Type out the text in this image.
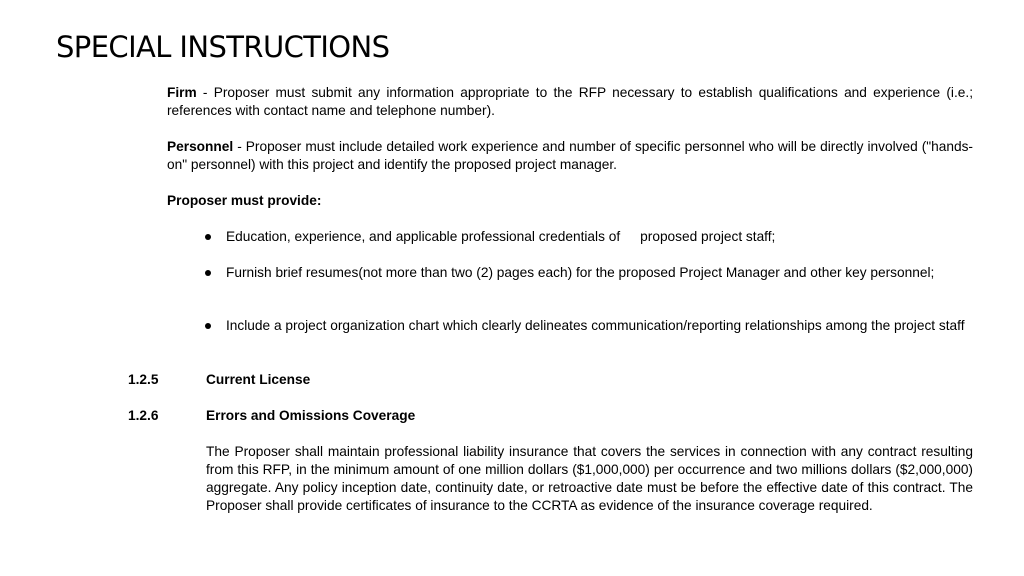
SPECIAL INSTRUCTIONS
Firm - Proposer must submit any information appropriate to the RFP necessary to establish qualifications and experience (i.e.; references with contact name and telephone number).
Personnel - Proposer must include detailed work experience and number of specific personnel who will be directly involved ("hands-on" personnel) with this project and identify the proposed project manager.
Proposer must provide:
Education, experience, and applicable professional credentials of proposed project staff;
Furnish brief resumes(not more than two (2) pages each) for the proposed Project Manager and other key personnel;
Include a project organization chart which clearly delineates communication/reporting relationships among the project staff
1.2.5	Current License
1.2.6	Errors and Omissions Coverage
The Proposer shall maintain professional liability insurance that covers the services in connection with any contract resulting from this RFP, in the minimum amount of one million dollars ($1,000,000) per occurrence and two millions dollars ($2,000,000) aggregate. Any policy inception date, continuity date, or retroactive date must be before the effective date of this contract. The Proposer shall provide certificates of insurance to the CCRTA as evidence of the insurance coverage required.
